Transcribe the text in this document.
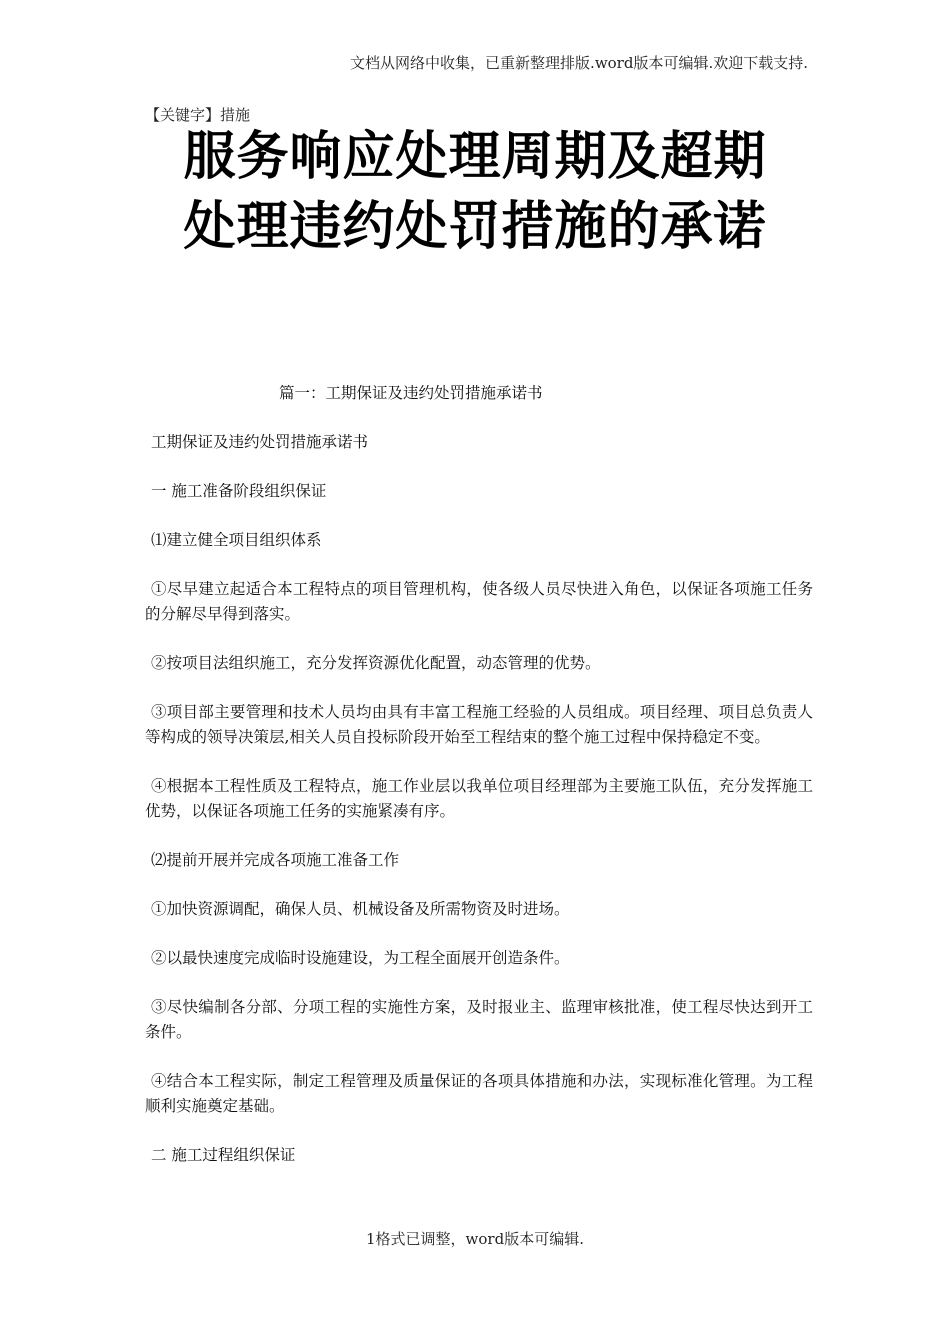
文档从网络中收集，已重新整理排版.word版本可编辑.欢迎下载支持.
【关键字】措施
服务响应处理周期及超期
处理违约处罚措施的承诺
篇一：工期保证及违约处罚措施承诺书

工期保证及违约处罚措施承诺书

一 施工准备阶段组织保证

⑴建立健全项目组织体系

①尽早建立起适合本工程特点的项目管理机构，使各级人员尽快进入角色，以保证各项施工任务的分解尽早得到落实。

②按项目法组织施工，充分发挥资源优化配置，动态管理的优势。

③项目部主要管理和技术人员均由具有丰富工程施工经验的人员组成。项目经理、项目总负责人等构成的领导决策层,相关人员自投标阶段开始至工程结束的整个施工过程中保持稳定不变。

④根据本工程性质及工程特点，施工作业层以我单位项目经理部为主要施工队伍，充分发挥施工优势，以保证各项施工任务的实施紧凑有序。

⑵提前开展并完成各项施工准备工作

①加快资源调配，确保人员、机械设备及所需物资及时进场。

②以最快速度完成临时设施建设，为工程全面展开创造条件。

③尽快编制各分部、分项工程的实施性方案，及时报业主、监理审核批准，使工程尽快达到开工条件。

④结合本工程实际，制定工程管理及质量保证的各项具体措施和办法，实现标准化管理。为工程顺利实施奠定基础。

二 施工过程组织保证

1格式已调整，word版本可编辑.
